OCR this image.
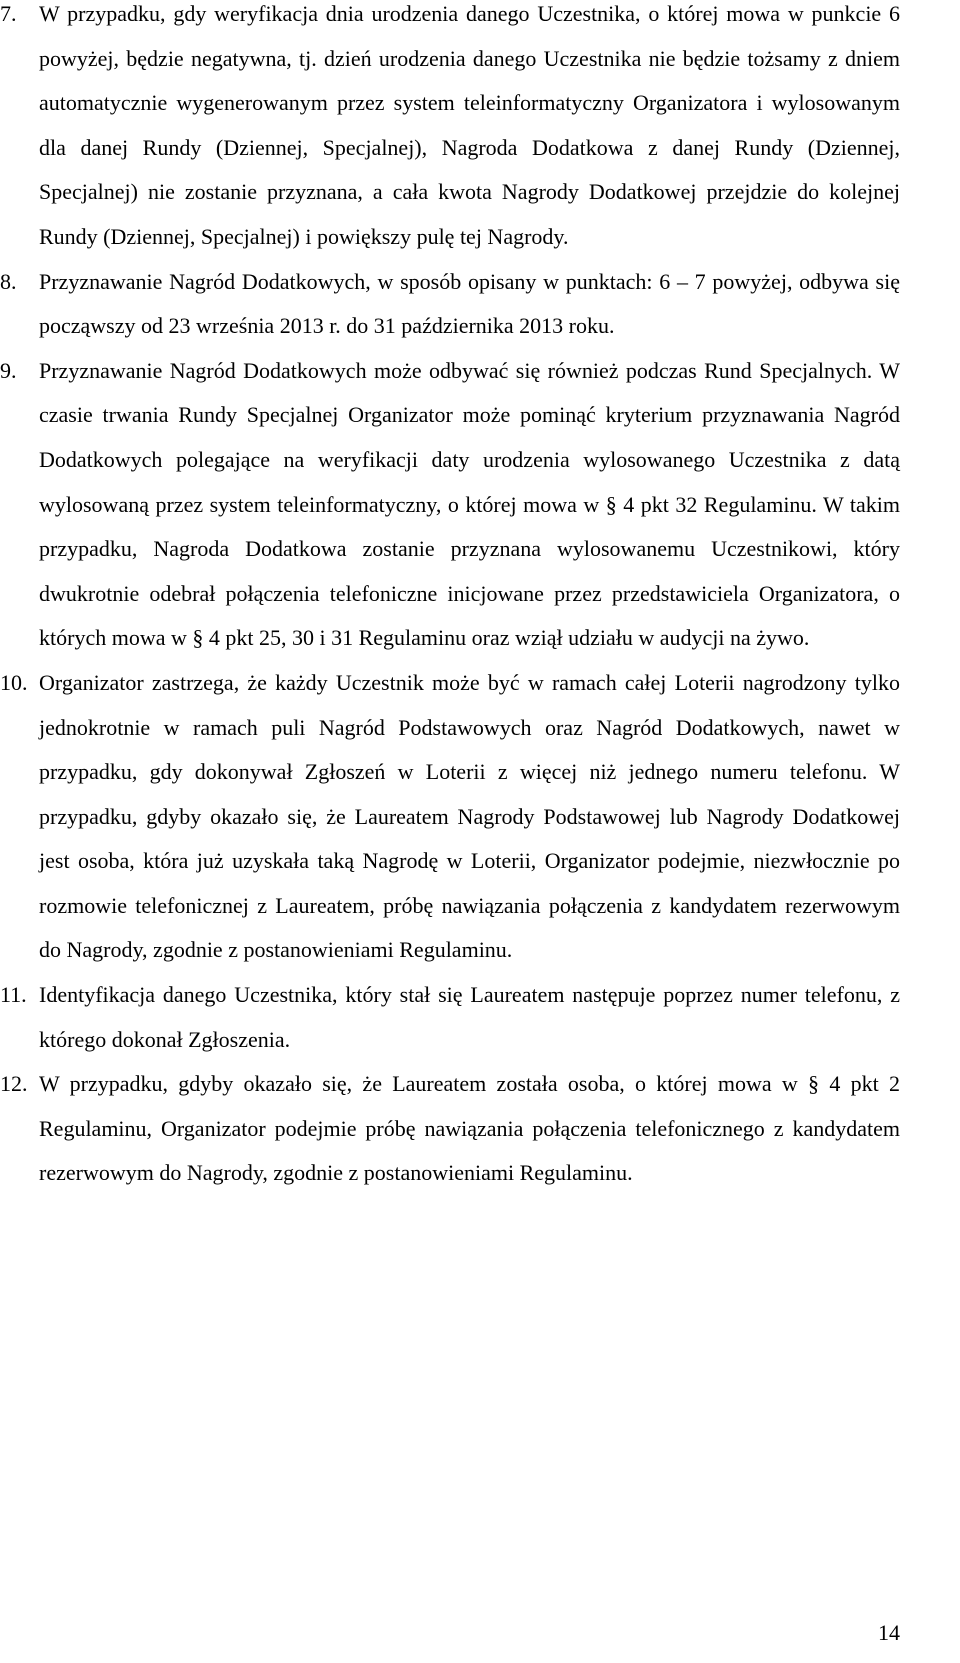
7. W przypadku, gdy weryfikacja dnia urodzenia danego Uczestnika, o której mowa w punkcie 6 powyżej, będzie negatywna, tj. dzień urodzenia danego Uczestnika nie będzie tożsamy z dniem automatycznie wygenerowanym przez system teleinformatyczny Organizatora i wylosowanym dla danej Rundy (Dziennej, Specjalnej), Nagroda Dodatkowa z danej Rundy (Dziennej, Specjalnej) nie zostanie przyznana, a cała kwota Nagrody Dodatkowej przejdzie do kolejnej Rundy (Dziennej, Specjalnej) i powiększy pulę tej Nagrody.
8. Przyznawanie Nagród Dodatkowych, w sposób opisany w punktach: 6 – 7 powyżej, odbywa się począwszy od 23 września 2013 r. do 31 października 2013 roku.
9. Przyznawanie Nagród Dodatkowych może odbywać się również podczas Rund Specjalnych. W czasie trwania Rundy Specjalnej Organizator może pominąć kryterium przyznawania Nagród Dodatkowych polegające na weryfikacji daty urodzenia wylosowanego Uczestnika z datą wylosowaną przez system teleinformatyczny, o której mowa w § 4 pkt 32 Regulaminu. W takim przypadku, Nagroda Dodatkowa zostanie przyznana wylosowanemu Uczestnikowi, który dwukrotnie odebrał połączenia telefoniczne inicjowane przez przedstawiciela Organizatora, o których mowa w § 4 pkt 25, 30 i 31 Regulaminu oraz wziął udziału w audycji na żywo.
10. Organizator zastrzega, że każdy Uczestnik może być w ramach całej Loterii nagrodzony tylko jednokrotnie w ramach puli Nagród Podstawowych oraz Nagród Dodatkowych, nawet w przypadku, gdy dokonywał Zgłoszeń w Loterii z więcej niż jednego numeru telefonu. W przypadku, gdyby okazało się, że Laureatem Nagrody Podstawowej lub Nagrody Dodatkowej jest osoba, która już uzyskała taką Nagrodę w Loterii, Organizator podejmie, niezwłocznie po rozmowie telefonicznej z Laureatem, próbę nawiązania połączenia z kandydatem rezerwowym do Nagrody, zgodnie z postanowieniami Regulaminu.
11. Identyfikacja danego Uczestnika, który stał się Laureatem następuje poprzez numer telefonu, z którego dokonał Zgłoszenia.
12. W przypadku, gdyby okazało się, że Laureatem została osoba, o której mowa w § 4 pkt 2 Regulaminu, Organizator podejmie próbę nawiązania połączenia telefonicznego z kandydatem rezerwowym do Nagrody, zgodnie z postanowieniami Regulaminu.
14
